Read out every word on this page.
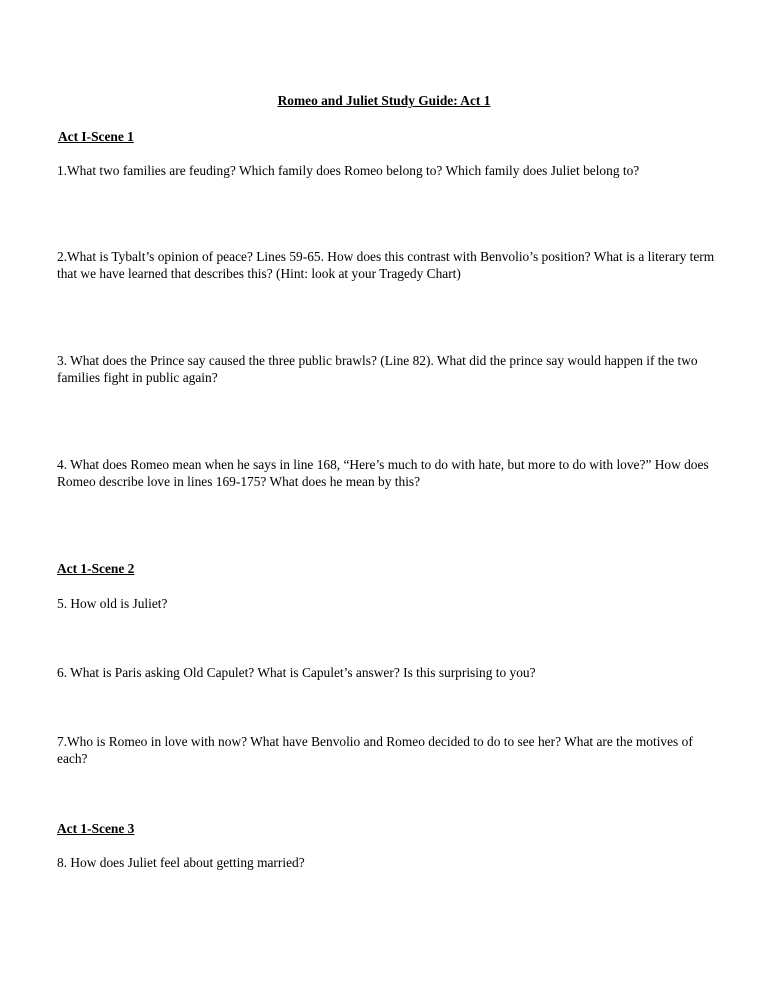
Romeo and Juliet Study Guide: Act 1
Act I-Scene 1

1.What two families are feuding? Which family does Romeo belong to? Which family does Juliet belong to?

2.What is Tybalt’s opinion of peace? Lines 59-65. How does this contrast with Benvolio’s position? What is a literary term that we have learned that describes this? (Hint: look at your Tragedy Chart)

3. What does the Prince say caused the three public brawls? (Line 82). What did the prince say would happen if the two families fight in public again?

4. What does Romeo mean when he says in line 168, “Here’s much to do with hate, but more to do with love?” How does Romeo describe love in lines 169-175? What does he mean by this?

Act 1-Scene 2

5. How old is Juliet?

6. What is Paris asking Old Capulet? What is Capulet’s answer? Is this surprising to you?

7.Who is Romeo in love with now? What have Benvolio and Romeo decided to do to see her? What are the motives of each?

Act 1-Scene 3

8. How does Juliet feel about getting married?
